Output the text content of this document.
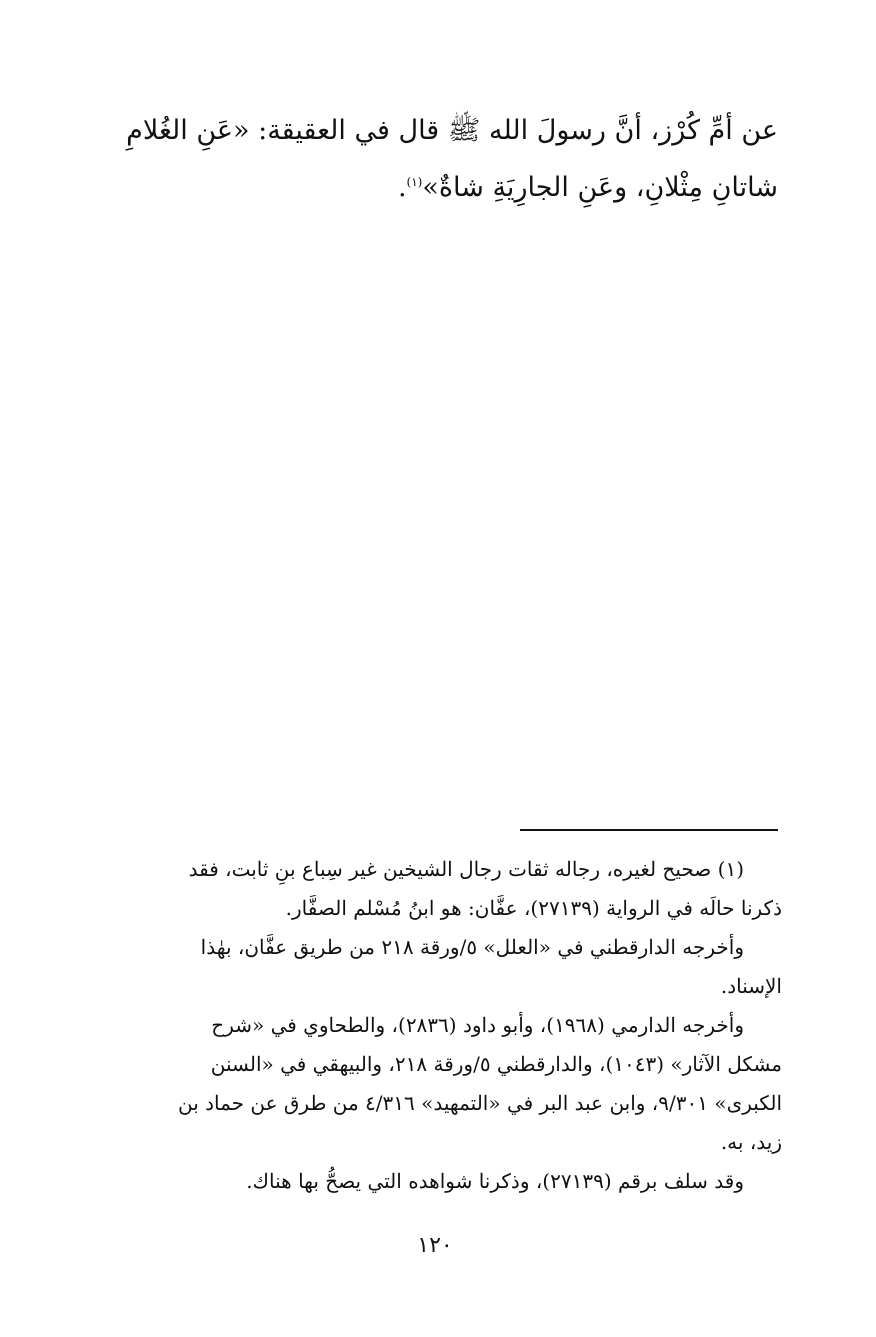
عن أمِّ كُرْز، أنَّ رسولَ الله ﷺ قال في العقيقة: «عَنِ الغُلامِ
شاتانِ مِثْلانِ، وعَنِ الجارِيَةِ شاةٌ»$^{(١)}$.
(١) صحيح لغيره، رجاله ثقات رجال الشيخين غير سِباع بنِ ثابت، فقد
ذكرنا حالَه في الرواية (٢٧١٣٩)، عفَّان: هو ابنُ مُسْلم الصفَّار.
وأخرجه الدارقطني في «العلل» ٥/ورقة ٢١٨ من طريق عفَّان، بهٰذا
الإسناد.
وأخرجه الدارمي (١٩٦٨)، وأبو داود (٢٨٣٦)، والطحاوي في «شرح
مشكل الآثار» (١٠٤٣)، والدارقطني ٥/ورقة ٢١٨، والبيهقي في «السنن
الكبرى» ٩/٣٠١، وابن عبد البر في «التمهيد» ٤/٣١٦ من طرق عن حماد بن
زيد، به.
وقد سلف برقم (٢٧١٣٩)، وذكرنا شواهده التي يصحُّ بها هناك.
١٢٠
